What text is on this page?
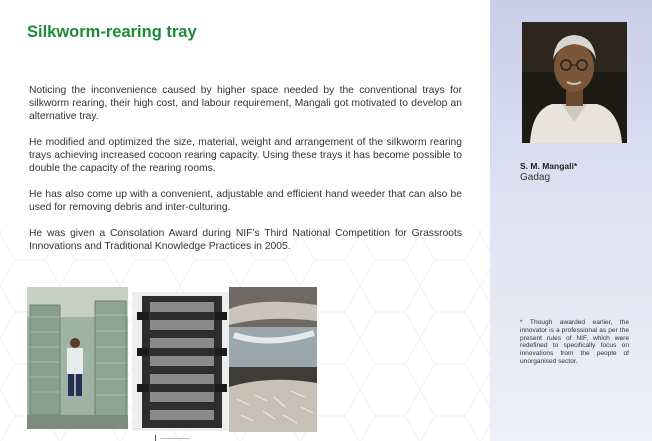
Silkworm-rearing tray

Noticing the inconvenience caused by higher space needed by the conventional trays for silkworm rearing, their high cost, and labour requirement, Mangali got motivated to develop an alternative tray.

He modified and optimized the size, material, weight and arrangement of the silkworm rearing trays achieving increased cocoon rearing capacity. Using these trays it has become possible to double the capacity of the rearing rooms.

He has also come up with a convenient, adjustable and efficient hand weeder that can also be used for removing debris and inter-culturing.

He was given a Consolation Award during NIF’s Third National Competition for Grassroots Innovations and Traditional Knowledge Practices in 2005.

S. M. Mangali*
Gadag
* Though awarded earlier, the innovator is a professional as per the present rules of NIF, which were redefined to specifically focus on innovations from the people of unorganised sector.
